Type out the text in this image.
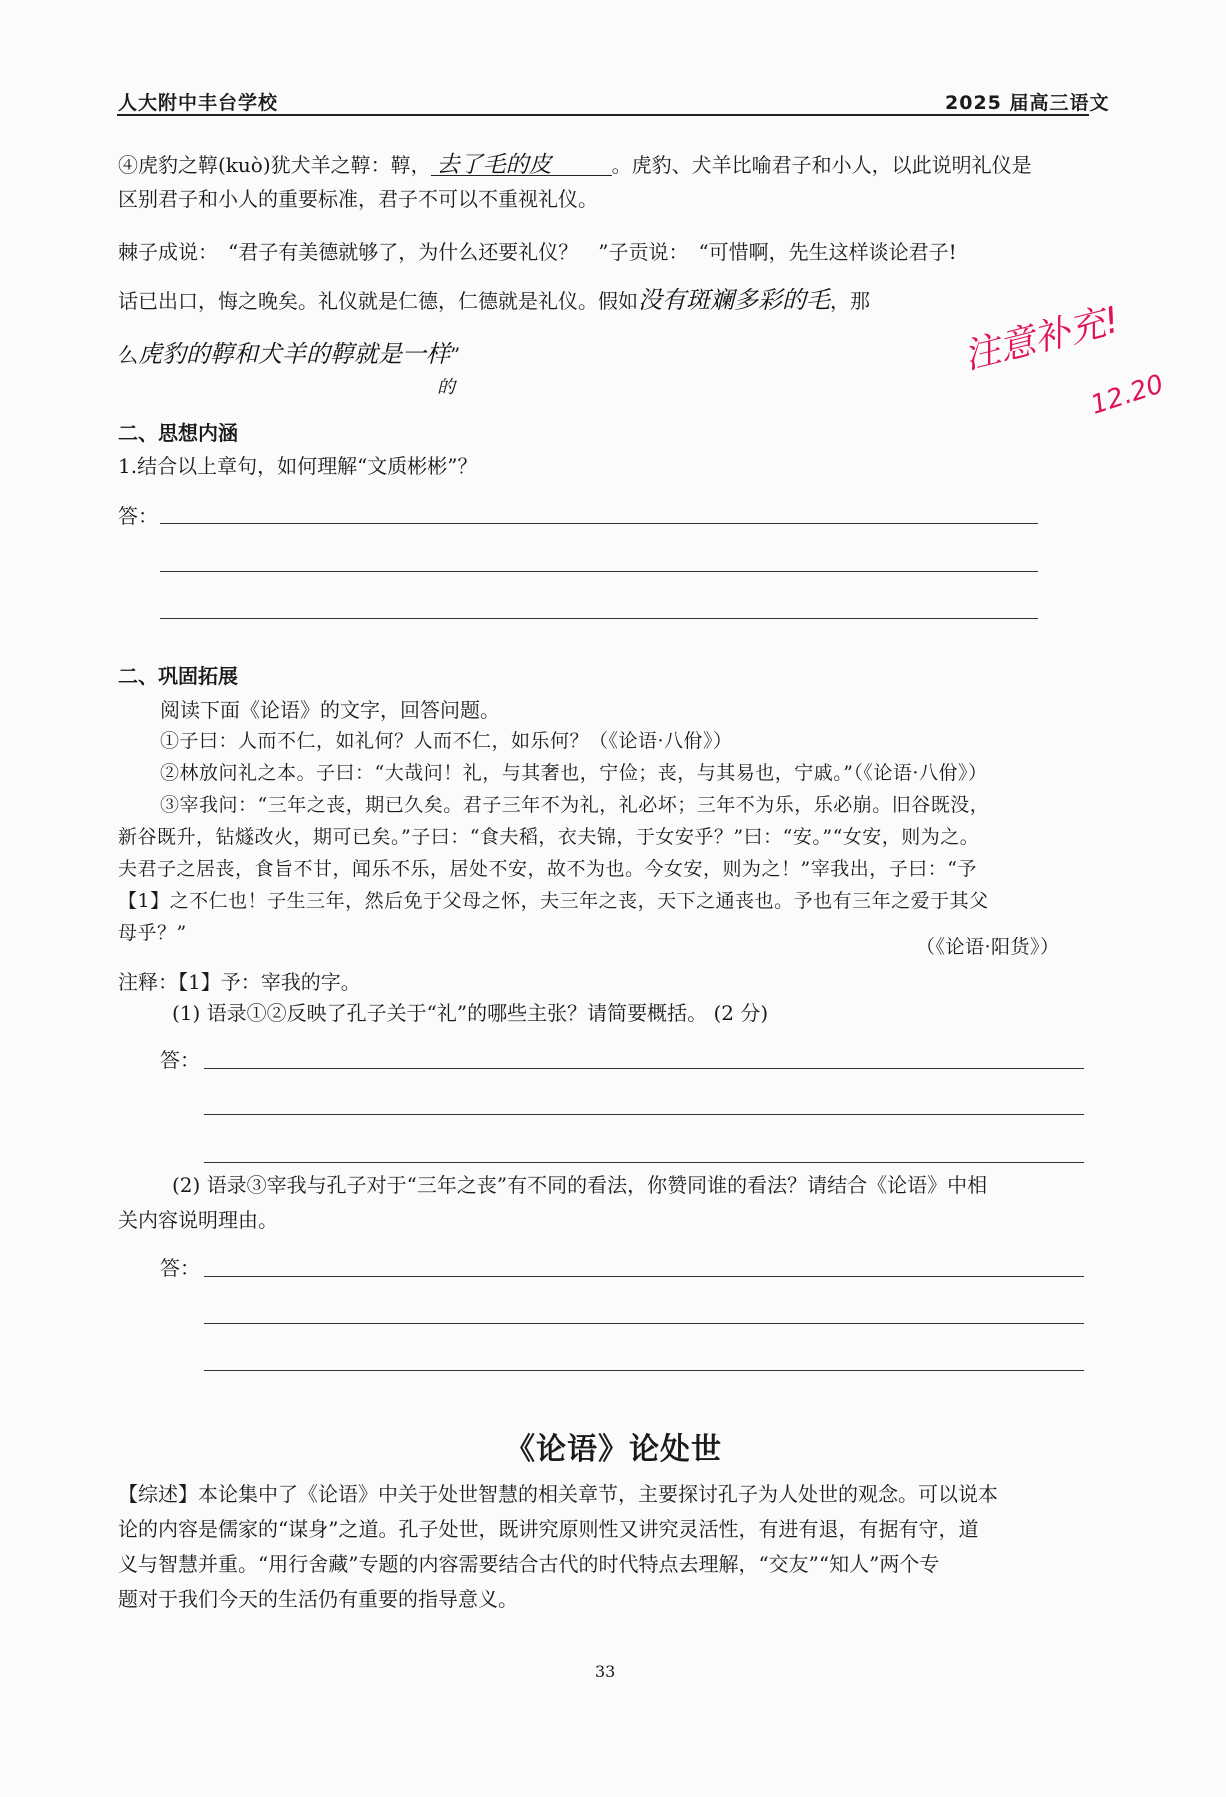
人大附中丰台学校	2025 届高三语文
④虎豹之鞟(kuò)犹犬羊之鞟：鞟， 去了毛的皮	。虎豹、犬羊比喻君子和小人，以此说明礼仪是
区别君子和小人的重要标准，君子不可以不重视礼仪。
棘子成说：　“君子有美德就够了，为什么还要礼仪？　”子贡说：　“可惜啊，先生这样谈论君子!
话已出口，悔之晚矣。礼仪就是仁德，仁德就是礼仪。假如没有斑斓多彩的毛，那
么虎豹的鞟和犬羊的鞟就是一样”
的
注意补充!
12.20
二、思想内涵
1.结合以上章句，如何理解“文质彬彬”？
答：
二、巩固拓展
阅读下面《论语》的文字，回答问题。
①子曰：人而不仁，如礼何？人而不仁，如乐何？（《论语·八佾》）
②林放问礼之本。子曰：“大哉问！礼，与其奢也，宁俭；丧，与其易也，宁戚。”（《论语·八佾》）
③宰我问：“三年之丧，期已久矣。君子三年不为礼，礼必坏；三年不为乐，乐必崩。旧谷既没，
新谷既升，钻燧改火，期可已矣。”子曰：“食夫稻，衣夫锦，于女安乎？”曰：“安。”“女安，则为之。
夫君子之居丧，食旨不甘，闻乐不乐，居处不安，故不为也。今女安，则为之！”宰我出，子曰：“予
【1】之不仁也！子生三年，然后免于父母之怀，夫三年之丧，天下之通丧也。予也有三年之爱于其父
母乎？”
（《论语·阳货》）
注释：【1】予：宰我的字。
(1) 语录①②反映了孔子关于“礼”的哪些主张？请简要概括。 (2 分)
答：
(2) 语录③宰我与孔子对于“三年之丧”有不同的看法，你赞同谁的看法？请结合《论语》中相
关内容说明理由。
答：
《论语》论处世
【综述】本论集中了《论语》中关于处世智慧的相关章节，主要探讨孔子为人处世的观念。可以说本
论的内容是儒家的“谋身”之道。孔子处世，既讲究原则性又讲究灵活性，有进有退，有据有守，道
义与智慧并重。“用行舍藏”专题的内容需要结合古代的时代特点去理解，“交友”“知人”两个专
题对于我们今天的生活仍有重要的指导意义。
33
